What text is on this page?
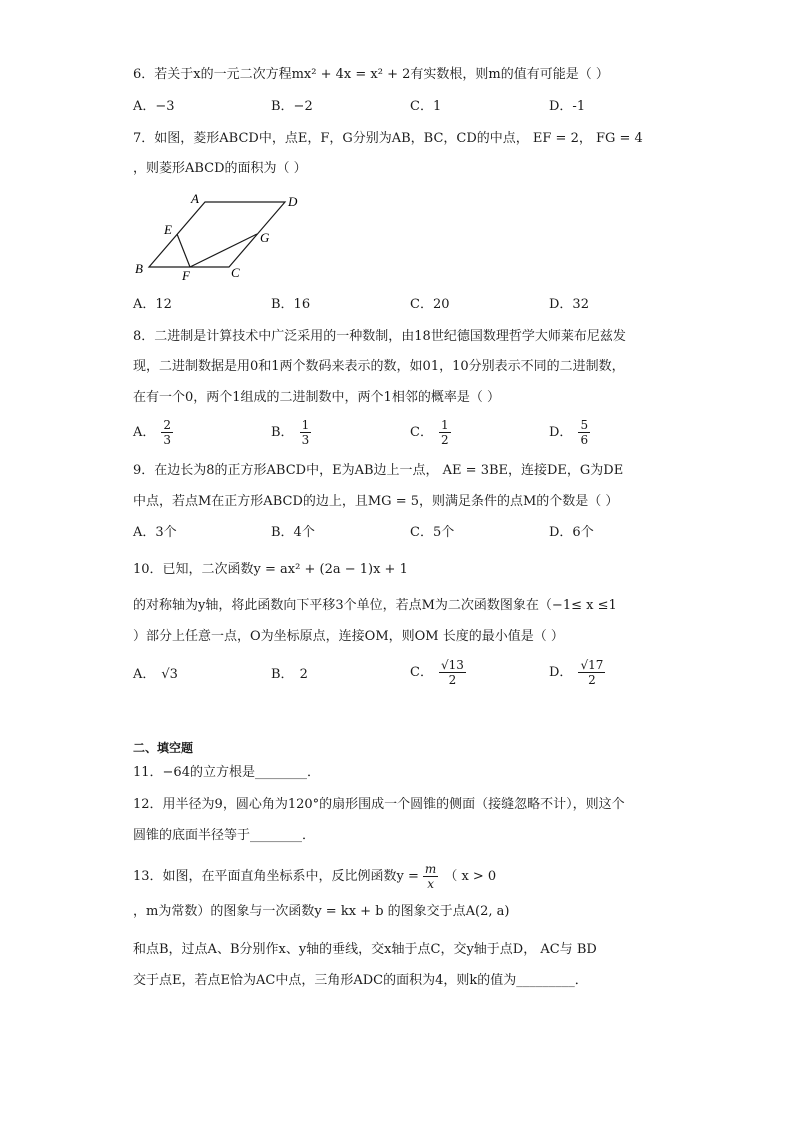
6．若关于x的一元二次方程mx² + 4x = x² + 2有实数根，则m的值有可能是（ ）
A．−3	B．−2	C．1	D．-1
7．如图，菱形ABCD中，点E，F，G分别为AB，BC，CD的中点， EF = 2， FG = 4
，则菱形ABCD的面积为（ ）
A	D
E
G
B	F	C
A．12	B．16	C．20	D．32
8．二进制是计算技术中广泛采用的一种数制，由18世纪德国数理哲学大师莱布尼兹发
现，二进制数据是用0和1两个数码来表示的数，如01，10分别表示不同的二进制数，
在有一个0，两个1组成的二进制数中，两个1相邻的概率是（ ）
A． $\frac{2}{3}$	B． $\frac{1}{3}$	C． $\frac{1}{2}$	D． $\frac{5}{6}$
9．在边长为8的正方形ABCD中，E为AB边上一点， AE = 3BE，连接DE，G为DE
中点，若点M在正方形ABCD的边上，且MG = 5，则满足条件的点M的个数是（ ）
A．3个	B．4个	C．5个	D．6个
10．已知，二次函数y = ax² + (2a − 1)x + 1
的对称轴为y轴，将此函数向下平移3个单位，若点M为二次函数图象在（−1≤ x ≤1
）部分上任意一点，O为坐标原点，连接OM，则OM 长度的最小值是（ ）
A． √3	B． 2	C． $\frac{√13}{2}$	D． $\frac{√17}{2}$
二、填空题
11．−64的立方根是________．
12．用半径为9，圆心角为120°的扇形围成一个圆锥的侧面（接缝忽略不计），则这个
圆锥的底面半径等于________．
13．如图，在平面直角坐标系中，反比例函数$y = \frac{m}{x}$ （ x > 0
，m为常数）的图象与一次函数y = kx + b 的图象交于点A(2, a)
和点B，过点A、B分别作x、y轴的垂线，交x轴于点C，交y轴于点D， AC与 BD
交于点E，若点E恰为AC中点，三角形ADC的面积为4，则k的值为_________．
